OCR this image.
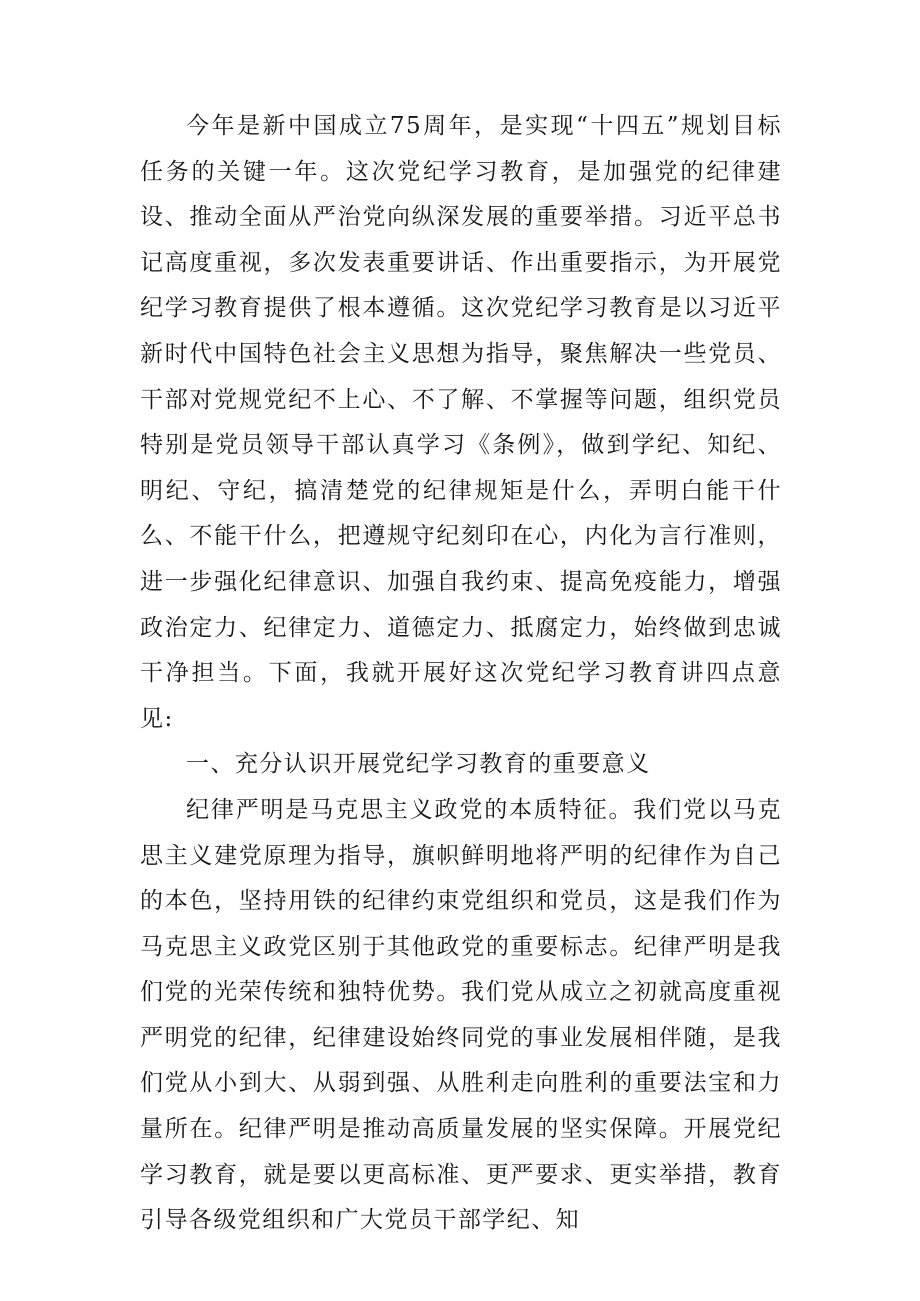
今年是新中国成立75周年，是实现“十四五”规划目标任务的关键一年。这次党纪学习教育，是加强党的纪律建设、推动全面从严治党向纵深发展的重要举措。习近平总书记高度重视，多次发表重要讲话、作出重要指示，为开展党纪学习教育提供了根本遵循。这次党纪学习教育是以习近平新时代中国特色社会主义思想为指导，聚焦解决一些党员、干部对党规党纪不上心、不了解、不掌握等问题，组织党员特别是党员领导干部认真学习《条例》，做到学纪、知纪、明纪、守纪，搞清楚党的纪律规矩是什么，弄明白能干什么、不能干什么，把遵规守纪刻印在心，内化为言行准则，进一步强化纪律意识、加强自我约束、提高免疫能力，增强政治定力、纪律定力、道德定力、抵腐定力，始终做到忠诚干净担当。下面，我就开展好这次党纪学习教育讲四点意见:

一、充分认识开展党纪学习教育的重要意义

纪律严明是马克思主义政党的本质特征。我们党以马克思主义建党原理为指导，旗帜鲜明地将严明的纪律作为自己的本色，坚持用铁的纪律约束党组织和党员，这是我们作为马克思主义政党区别于其他政党的重要标志。纪律严明是我们党的光荣传统和独特优势。我们党从成立之初就高度重视严明党的纪律，纪律建设始终同党的事业发展相伴随，是我们党从小到大、从弱到强、从胜利走向胜利的重要法宝和力量所在。纪律严明是推动高质量发展的坚实保障。开展党纪学习教育，就是要以更高标准、更严要求、更实举措，教育引导各级党组织和广大党员干部学纪、知
